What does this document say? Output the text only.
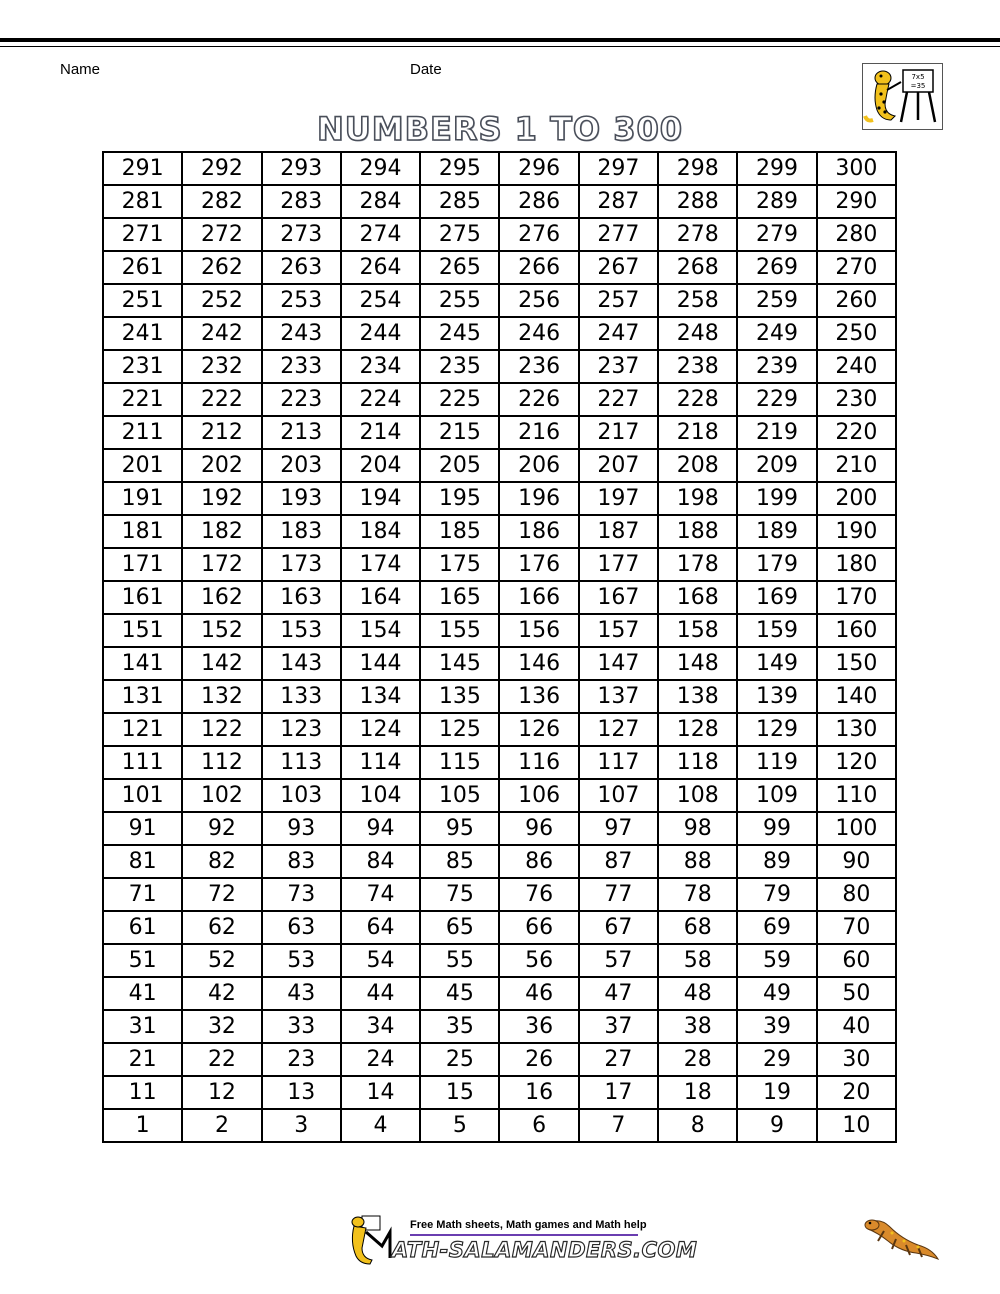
Name	Date	7x5
=35
NUMBERS 1 TO 300
291	292	293	294	295	296	297	298	299	300
281	282	283	284	285	286	287	288	289	290
271	272	273	274	275	276	277	278	279	280
261	262	263	264	265	266	267	268	269	270
251	252	253	254	255	256	257	258	259	260
241	242	243	244	245	246	247	248	249	250
231	232	233	234	235	236	237	238	239	240
221	222	223	224	225	226	227	228	229	230
211	212	213	214	215	216	217	218	219	220
201	202	203	204	205	206	207	208	209	210
191	192	193	194	195	196	197	198	199	200
181	182	183	184	185	186	187	188	189	190
171	172	173	174	175	176	177	178	179	180
161	162	163	164	165	166	167	168	169	170
151	152	153	154	155	156	157	158	159	160
141	142	143	144	145	146	147	148	149	150
131	132	133	134	135	136	137	138	139	140
121	122	123	124	125	126	127	128	129	130
111	112	113	114	115	116	117	118	119	120
101	102	103	104	105	106	107	108	109	110
91	92	93	94	95	96	97	98	99	100
81	82	83	84	85	86	87	88	89	90
71	72	73	74	75	76	77	78	79	80
61	62	63	64	65	66	67	68	69	70
51	52	53	54	55	56	57	58	59	60
41	42	43	44	45	46	47	48	49	50
31	32	33	34	35	36	37	38	39	40
21	22	23	24	25	26	27	28	29	30
11	12	13	14	15	16	17	18	19	20
1	2	3	4	5	6	7	8	9	10
Free Math sheets, Math games and Math help
ATH-SALAMANDERS.COM
